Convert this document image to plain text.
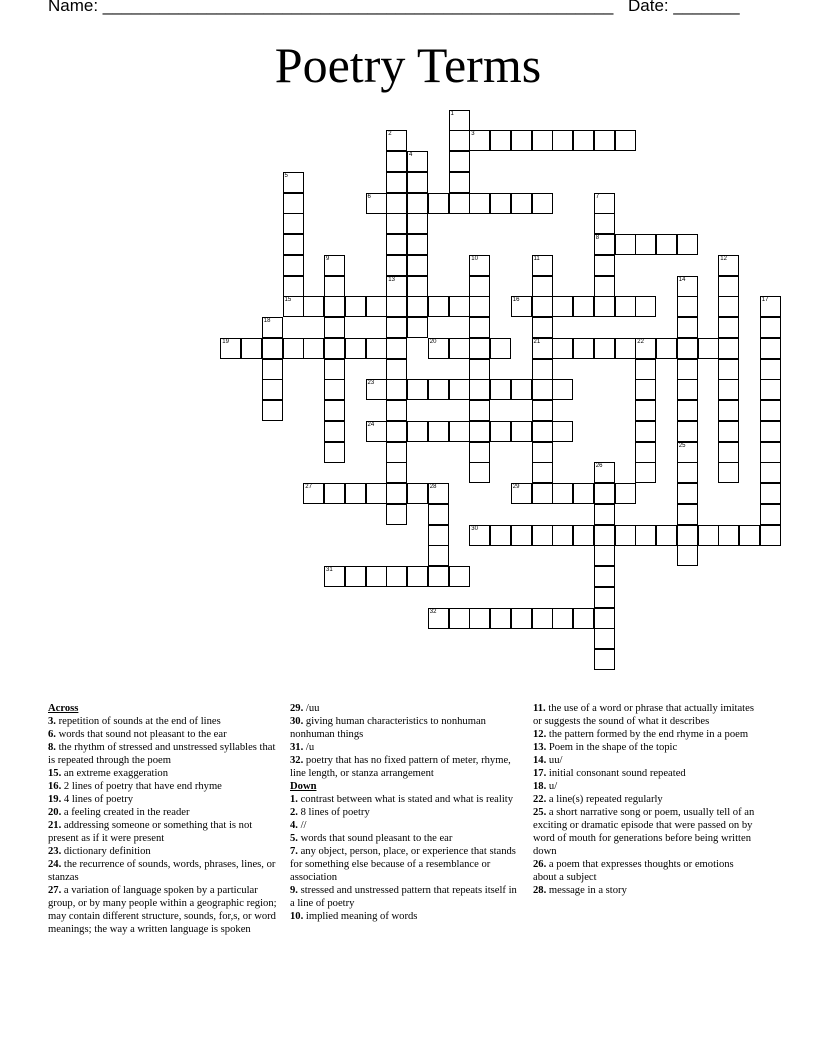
Name: ______________________________________________________ Date: _______
Poetry Terms
1
2	3
4
5
15
6	7
8
9	10	11
21
12
13	14
16	17
18
19	20	22
23
24
25
26
27	28	29
30
31
32

Across

3. repetition of sounds at the end of lines

6. words that sound not pleasant to the ear

8. the rhythm of stressed and unstressed syllables that is repeated through the poem

15. an extreme exaggeration

16. 2 lines of poetry that have end rhyme

19. 4 lines of poetry

20. a feeling created in the reader

21. addressing someone or something that is not present as if it were present

23. dictionary definition

24. the recurrence of sounds, words, phrases, lines, or stanzas

27. a variation of language spoken by a particular group, or by many people within a geographic region; may contain different structure, sounds, for,s, or word meanings; the way a written language is spoken

29. /uu

30. giving human characteristics to nonhuman nonhuman things

31. /u

32. poetry that has no fixed pattern of meter, rhyme, line length, or stanza arrangement

Down

1. contrast between what is stated and what is reality

2. 8 lines of poetry

4. //

5. words that sound pleasant to the ear

7. any object, person, place, or experience that stands for something else because of a resemblance or association

9. stressed and unstressed pattern that repeats itself in a line of poetry

10. implied meaning of words

11. the use of a word or phrase that actually imitates or suggests the sound of what it describes

12. the pattern formed by the end rhyme in a poem

13. Poem in the shape of the topic

14. uu/

17. initial consonant sound repeated

18. u/

22. a line(s) repeated regularly

25. a short narrative song or poem, usually tell of an exciting or dramatic episode that were passed on by word of mouth for generations before being written down

26. a poem that expresses thoughts or emotions about a subject

28. message in a story
